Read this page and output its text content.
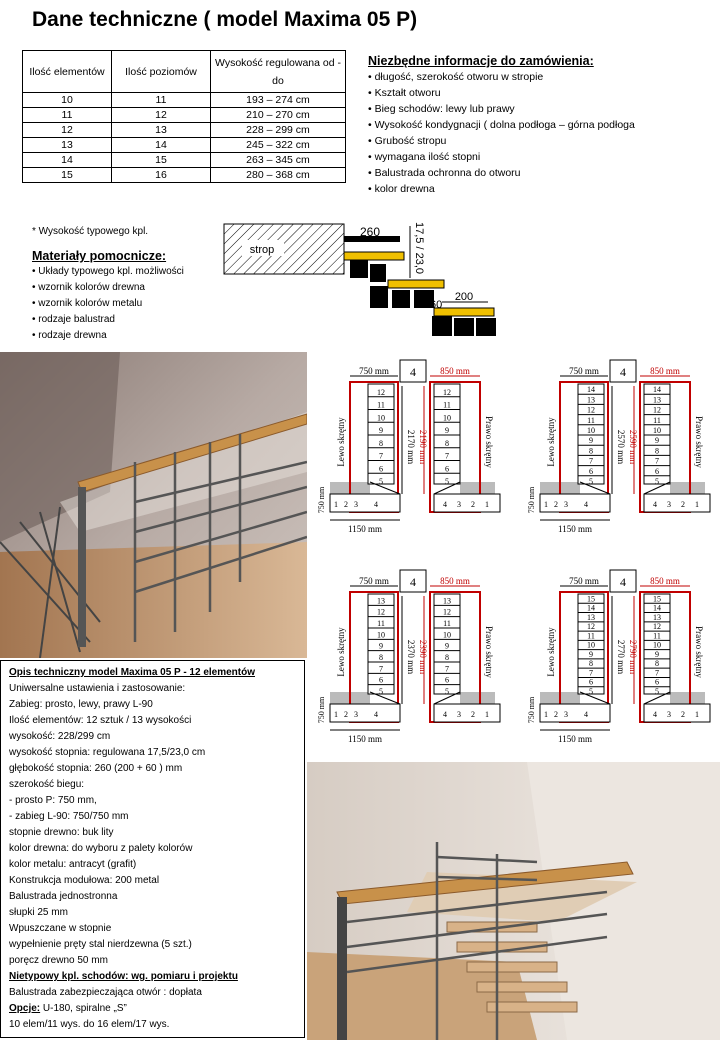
Dane techniczne ( model Maxima 05 P)
Ilość elementów	Ilość poziomów	Wysokość regulowana od - do
10	11	193 – 274 cm
11	12	210 – 270 cm
12	13	228 – 299 cm
13	14	245 – 322 cm
14	15	263 – 345 cm
15	16	280 – 368 cm
Niezbędne informacje do zamówienia:
• długość, szerokość otworu w stropie
• Kształt otworu
• Bieg schodów: lewy lub prawy
• Wysokość kondygnacji ( dolna podłoga – górna podłoga
• Grubość stropu
• wymagana ilość stopni
• Balustrada ochronna do otworu
• kolor drewna
* Wysokość typowego kpl.
Materiały pomocnicze:
• Układy typowego kpl. możliwości
• wzornik kolorów drewna
• wzornik kolorów metalu
• rodzaje balustrad
• rodzaje drewna
strop
260	17,5 / 23,0
60
200
12
11
10
9
8
7
6
5
1 2 3 4
12
11
10
9
8
7
6
5
4 3 2 1
4
750 mm	850 mm
2170 mm 2190 mm
750 mm
1150 mm
Lewo skrętny	Prawo skrętny
14
13
12
11
10
9
8
7
6
5
1 2 3 4
14
13
12
11
10
9
8
7
6
5
4 3 2 1
4
750 mm	850 mm
2570 mm 2590 mm
750 mm
1150 mm
Lewo skrętny	Prawo skrętny
13
12
11
10
9
8
7
6
5
1 2 3 4
13
12
11
10
9
8
7
6
5
4 3 2 1
4
750 mm	850 mm
2370 mm 2390 mm
750 mm
1150 mm
Lewo skrętny	Prawo skrętny
15
14
13
12
11
10
9
8
7
6
5
1 2 3 4
15
14
13
12
11
10
9
8
7
6
5
4 3 2 1
4
750 mm	850 mm
2770 mm 2790 mm
750 mm
1150 mm
Lewo skrętny	Prawo skrętny
Opis techniczny model Maxima 05 P - 12 elementów
Uniwersalne ustawienia i zastosowanie:
Zabieg: prosto, lewy, prawy L-90
Ilość elementów: 12 sztuk / 13 wysokości
wysokość: 228/299 cm
wysokość stopnia: regulowana 17,5/23,0 cm
głębokość stopnia: 260 (200 + 60 ) mm
szerokość biegu:
- prosto P: 750 mm,
- zabieg L-90: 750/750 mm
stopnie drewno: buk lity
kolor drewna: do wyboru z palety kolorów
kolor metalu: antracyt (grafit)
Konstrukcja modułowa: 200 metal
Balustrada jednostronna
słupki 25 mm
Wpuszczane w stopnie
wypełnienie pręty stal nierdzewna (5 szt.)
poręcz drewno 50 mm
Nietypowy kpl. schodów: wg. pomiaru i projektu
Balustrada zabezpieczająca otwór : dopłata
Opcje: U-180, spiralne „S”
10 elem/11 wys. do 16 elem/17 wys.
